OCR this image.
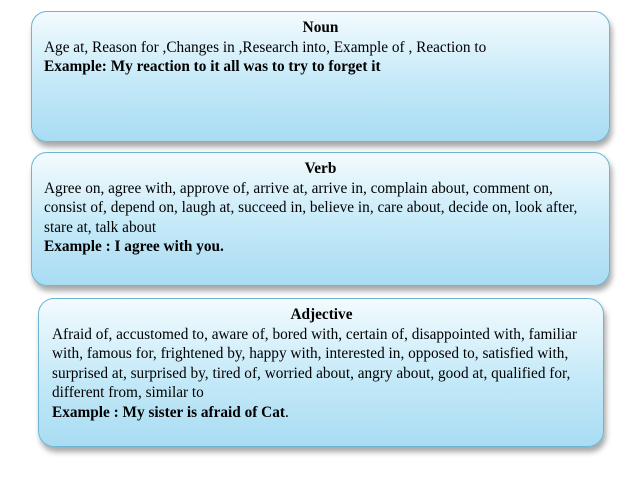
Noun
Age at, Reason for ,Changes in ,Research into, Example of , Reaction to
Example: My reaction to it all was to try to forget it
Verb
Agree on, agree with, approve of, arrive at, arrive in, complain about, comment on, consist of, depend on, laugh at, succeed in, believe in, care about, decide on, look after, stare at, talk about
Example : I agree with you.
Adjective
Afraid of, accustomed to, aware of, bored with, certain of, disappointed with, familiar with, famous for, frightened by, happy with, interested in, opposed to, satisfied with, surprised at, surprised by, tired of, worried about, angry about, good at, qualified for, different from, similar to
Example : My sister is afraid of Cat.
